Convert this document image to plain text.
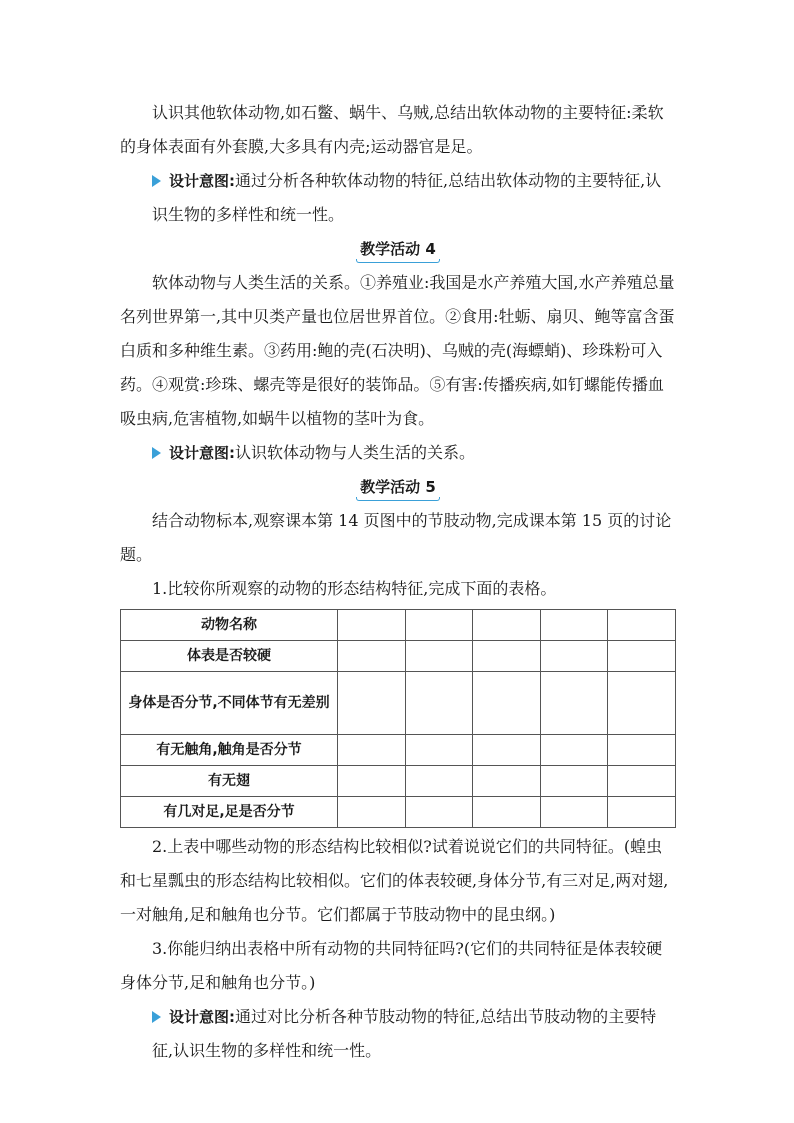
认识其他软体动物,如石鳖、蜗牛、乌贼,总结出软体动物的主要特征:柔软的身体表面有外套膜,大多具有内壳;运动器官是足。

设计意图:通过分析各种软体动物的特征,总结出软体动物的主要特征,认识生物的多样性和统一性。

教学活动 4

软体动物与人类生活的关系。①养殖业:我国是水产养殖大国,水产养殖总量名列世界第一,其中贝类产量也位居世界首位。②食用:牡蛎、扇贝、鲍等富含蛋白质和多种维生素。③药用:鲍的壳(石决明)、乌贼的壳(海螵蛸)、珍珠粉可入药。④观赏:珍珠、螺壳等是很好的装饰品。⑤有害:传播疾病,如钉螺能传播血吸虫病,危害植物,如蜗牛以植物的茎叶为食。

设计意图:认识软体动物与人类生活的关系。

教学活动 5

结合动物标本,观察课本第 14 页图中的节肢动物,完成课本第 15 页的讨论题。

1.比较你所观察的动物的形态结构特征,完成下面的表格。

动物名称					
体表是否较硬					
身体是否分节,不同体节有无差别					
有无触角,触角是否分节					
有无翅					
有几对足,足是否分节					

2.上表中哪些动物的形态结构比较相似?试着说说它们的共同特征。(蝗虫和七星瓢虫的形态结构比较相似。它们的体表较硬,身体分节,有三对足,两对翅,一对触角,足和触角也分节。它们都属于节肢动物中的昆虫纲。)

3.你能归纳出表格中所有动物的共同特征吗?(它们的共同特征是体表较硬身体分节,足和触角也分节。)

设计意图:通过对比分析各种节肢动物的特征,总结出节肢动物的主要特征,认识生物的多样性和统一性。
